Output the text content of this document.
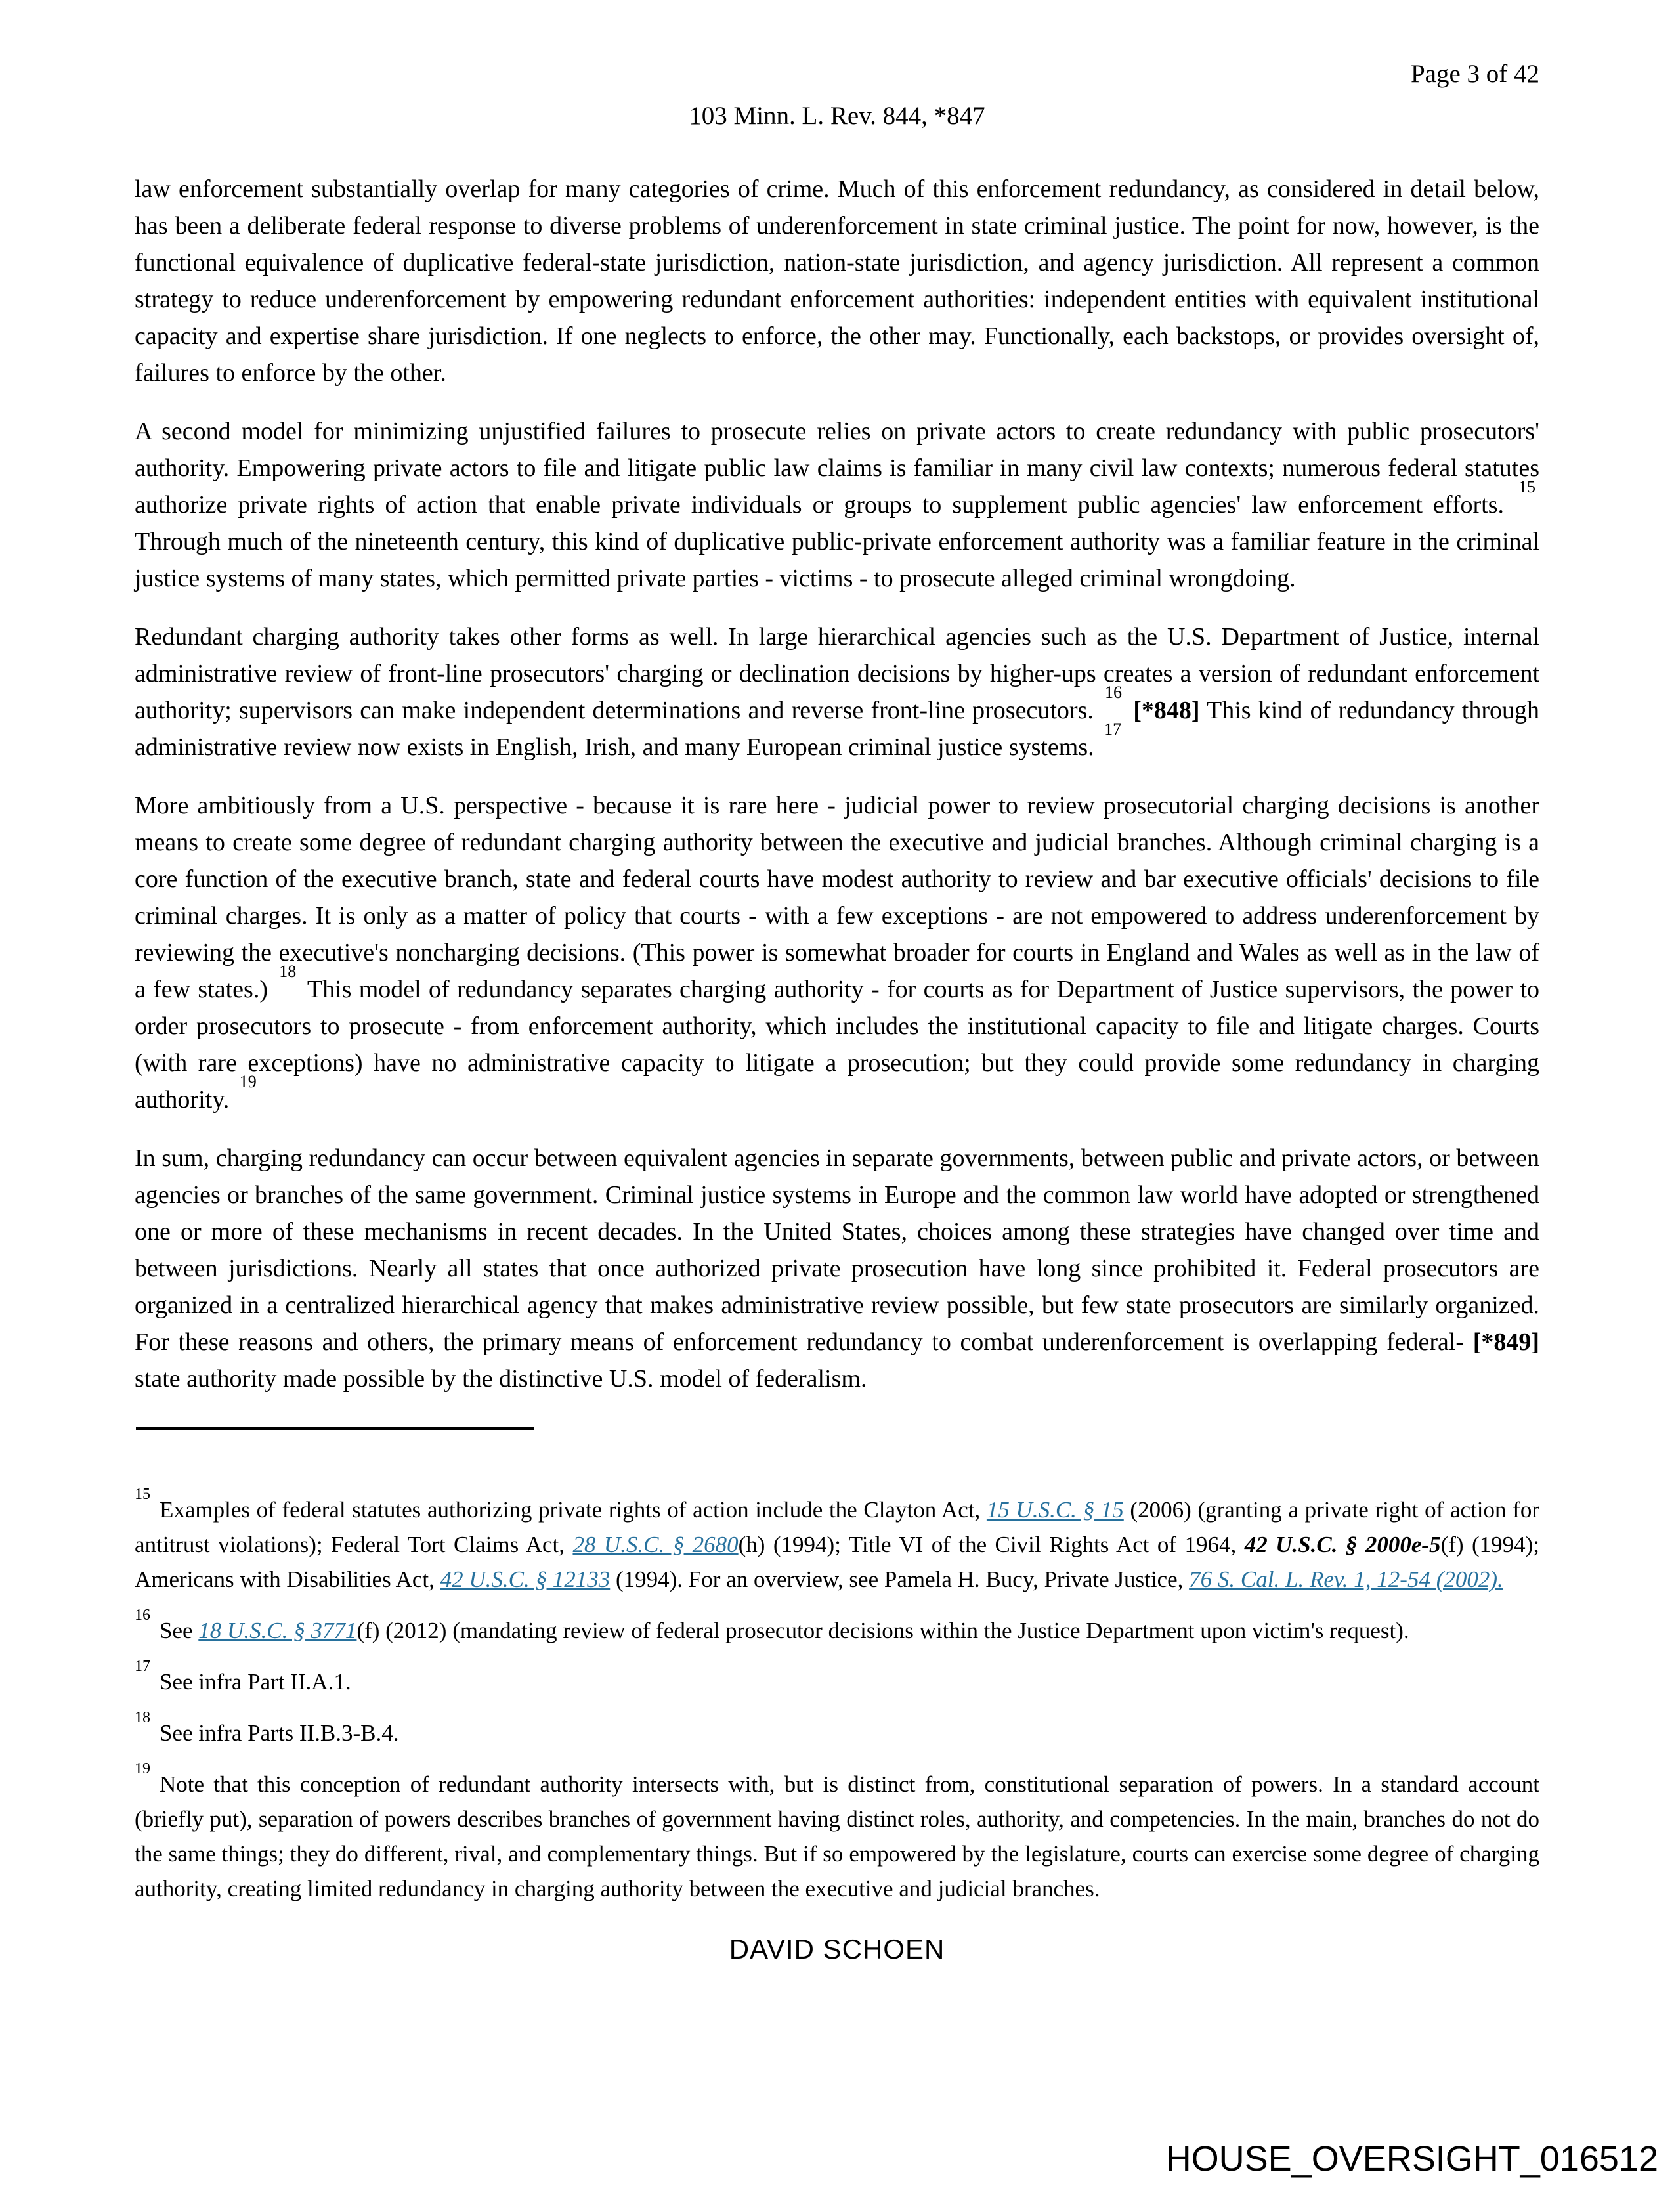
Page 3 of 42
103 Minn. L. Rev. 844, *847

law enforcement substantially overlap for many categories of crime. Much of this enforcement redundancy, as considered in detail below, has been a deliberate federal response to diverse problems of underenforcement in state criminal justice. The point for now, however, is the functional equivalence of duplicative federal-state jurisdiction, nation-state jurisdiction, and agency jurisdiction. All represent a common strategy to reduce underenforcement by empowering redundant enforcement authorities: independent entities with equivalent institutional capacity and expertise share jurisdiction. If one neglects to enforce, the other may. Functionally, each backstops, or provides oversight of, failures to enforce by the other.

A second model for minimizing unjustified failures to prosecute relies on private actors to create redundancy with public prosecutors' authority. Empowering private actors to file and litigate public law claims is familiar in many civil law contexts; numerous federal statutes authorize private rights of action that enable private individuals or groups to supplement public agencies' law enforcement efforts. $^{15}$ Through much of the nineteenth century, this kind of duplicative public-private enforcement authority was a familiar feature in the criminal justice systems of many states, which permitted private parties - victims - to prosecute alleged criminal wrongdoing.

Redundant charging authority takes other forms as well. In large hierarchical agencies such as the U.S. Department of Justice, internal administrative review of front-line prosecutors' charging or declination decisions by higher-ups creates a version of redundant enforcement authority; supervisors can make independent determinations and reverse front-line prosecutors. $^{16}$ [*848] This kind of redundancy through administrative review now exists in English, Irish, and many European criminal justice systems. $^{17}$

More ambitiously from a U.S. perspective - because it is rare here - judicial power to review prosecutorial charging decisions is another means to create some degree of redundant charging authority between the executive and judicial branches. Although criminal charging is a core function of the executive branch, state and federal courts have modest authority to review and bar executive officials' decisions to file criminal charges. It is only as a matter of policy that courts - with a few exceptions - are not empowered to address underenforcement by reviewing the executive's noncharging decisions. (This power is somewhat broader for courts in England and Wales as well as in the law of a few states.) $^{18}$ This model of redundancy separates charging authority - for courts as for Department of Justice supervisors, the power to order prosecutors to prosecute - from enforcement authority, which includes the institutional capacity to file and litigate charges. Courts (with rare exceptions) have no administrative capacity to litigate a prosecution; but they could provide some redundancy in charging authority. $^{19}$

In sum, charging redundancy can occur between equivalent agencies in separate governments, between public and private actors, or between agencies or branches of the same government. Criminal justice systems in Europe and the common law world have adopted or strengthened one or more of these mechanisms in recent decades. In the United States, choices among these strategies have changed over time and between jurisdictions. Nearly all states that once authorized private prosecution have long since prohibited it. Federal prosecutors are organized in a centralized hierarchical agency that makes administrative review possible, but few state prosecutors are similarly organized. For these reasons and others, the primary means of enforcement redundancy to combat underenforcement is overlapping federal- [*849] state authority made possible by the distinctive U.S. model of federalism.

$^{15}$Examples of federal statutes authorizing private rights of action include the Clayton Act, 15 U.S.C. § 15 (2006) (granting a private right of action for antitrust violations); Federal Tort Claims Act, 28 U.S.C. § 2680(h) (1994); Title VI of the Civil Rights Act of 1964, 42 U.S.C. § 2000e-5(f) (1994); Americans with Disabilities Act, 42 U.S.C. § 12133 (1994). For an overview, see Pamela H. Bucy, Private Justice, 76 S. Cal. L. Rev. 1, 12-54 (2002).

$^{16}$See 18 U.S.C. § 3771(f) (2012) (mandating review of federal prosecutor decisions within the Justice Department upon victim's request).

$^{17}$See infra Part II.A.1.

$^{18}$See infra Parts II.B.3-B.4.

$^{19}$Note that this conception of redundant authority intersects with, but is distinct from, constitutional separation of powers. In a standard account (briefly put), separation of powers describes branches of government having distinct roles, authority, and competencies. In the main, branches do not do the same things; they do different, rival, and complementary things. But if so empowered by the legislature, courts can exercise some degree of charging authority, creating limited redundancy in charging authority between the executive and judicial branches.

DAVID SCHOEN
HOUSE_OVERSIGHT_016512
